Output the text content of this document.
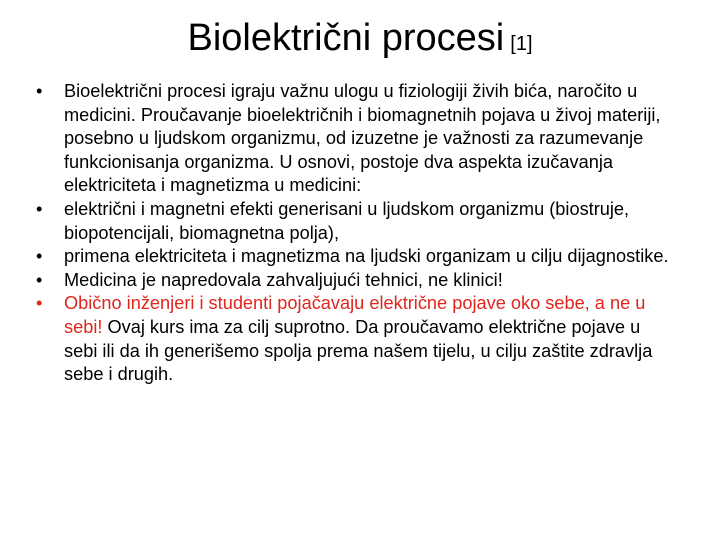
Biolektrični procesi [1]
•	Bioelektrični procesi igraju važnu ulogu u fiziologiji živih bića, naročito u medicini. Proučavanje bioelektričnih i biomagnetnih pojava u živoj materiji, posebno u ljudskom organizmu, od izuzetne je važnosti za razumevanje funkcionisanja organizma. U osnovi, postoje dva aspekta izučavanja elektriciteta i magnetizma u medicini:
•	električni i magnetni efekti generisani u ljudskom organizmu (biostruje, biopotencijali, biomagnetna polja),
•	primena elektriciteta i magnetizma na ljudski organizam u cilju dijagnostike.
•	Medicina je napredovala zahvaljujući tehnici, ne klinici!
•	Obično inženjeri i studenti pojačavaju električne pojave oko sebe, a ne u sebi! Ovaj kurs ima za cilj suprotno. Da proučavamo električne pojave u sebi ili da ih generišemo spolja prema našem tijelu, u cilju zaštite zdravlja sebe i drugih.
